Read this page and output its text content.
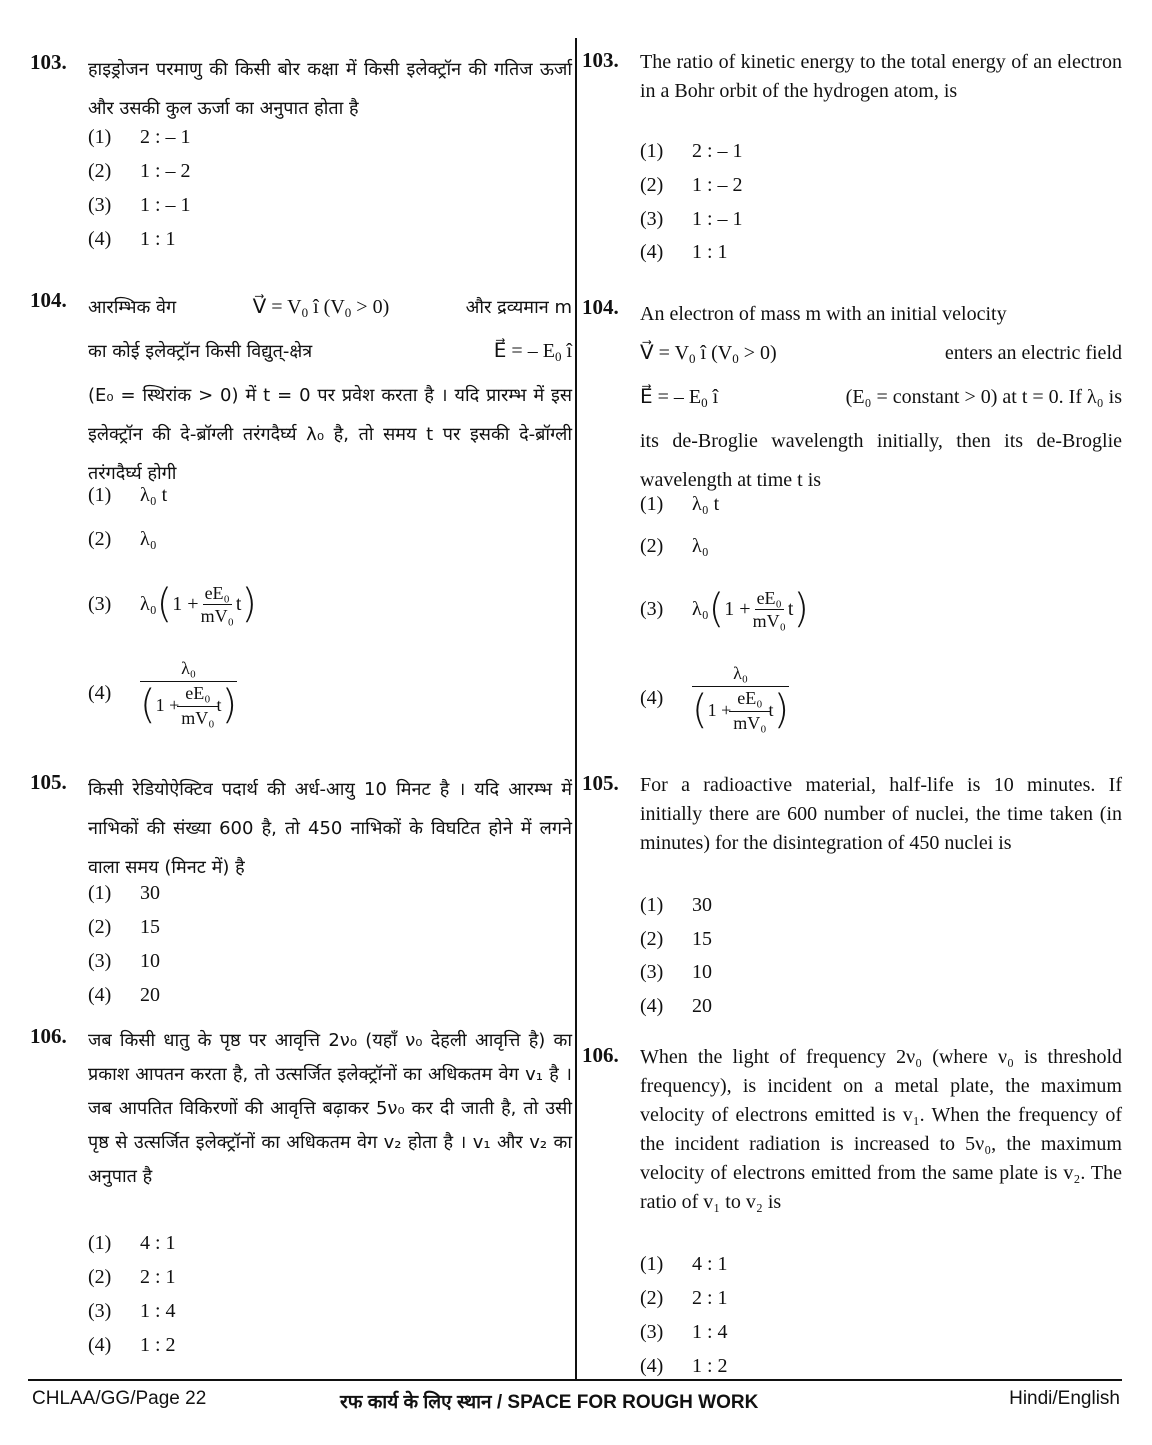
103. हाइड्रोजन परमाणु की किसी बोर कक्षा में किसी इलेक्ट्रॉन की गतिज ऊर्जा और उसकी कुल ऊर्जा का अनुपात होता है
(1) 2 : – 1
(2) 1 : – 2
(3) 1 : – 1
(4) 1 : 1
104. आरम्भिक वेग	V⃗ = $V_0$ î $(V_0 > 0)$	और द्रव्यमान m
का कोई इलेक्ट्रॉन किसी विद्युत्-क्षेत्र	E⃗ = – $E_0$ î
(E₀ = स्थिरांक > 0) में t = 0 पर प्रवेश करता है । यदि प्रारम्भ में इस इलेक्ट्रॉन की दे-ब्रॉग्ली तरंगदैर्घ्य λ₀ है, तो समय t पर इसकी दे-ब्रॉग्ली तरंगदैर्घ्य होगी
(1) λ₀ t
(2) λ₀
(3)	λ₀ ( $1 + \frac{\text{eE₀}}{\text{mV₀}}$ t )
(4)
λ₀
( $1 + \frac{\text{eE₀}}{\text{mV₀}}$ t )
105. किसी रेडियोऐक्टिव पदार्थ की अर्ध-आयु 10 मिनट है । यदि आरम्भ में नाभिकों की संख्या 600 है, तो 450 नाभिकों के विघटित होने में लगने वाला समय (मिनट में) है
(1) 30
(2) 15
(3) 10
(4) 20
106. जब किसी धातु के पृष्ठ पर आवृत्ति 2ν₀ (यहाँ ν₀ देहली आवृत्ति है) का प्रकाश आपतन करता है, तो उत्सर्जित इलेक्ट्रॉनों का अधिकतम वेग v₁ है । जब आपतित विकिरणों की आवृत्ति बढ़ाकर 5ν₀ कर दी जाती है, तो उसी पृष्ठ से उत्सर्जित इलेक्ट्रॉनों का अधिकतम वेग v₂ होता है । v₁ और v₂ का अनुपात है
(1) 4 : 1
(2) 2 : 1
(3) 1 : 4
(4) 1 : 2
103. The ratio of kinetic energy to the total energy of an electron in a Bohr orbit of the hydrogen atom, is
(1) 2 : – 1
(2) 1 : – 2
(3) 1 : – 1
(4) 1 : 1
104. An electron of mass m with an initial velocity
V⃗ = $V_0$ î $(V_0 > 0)$	enters an electric field
E⃗ = – $E_0$ î	(E₀ = constant > 0) at t = 0. If λ₀ is
its de-Broglie wavelength initially, then its de-Broglie wavelength at time t is
(1) λ₀ t
(2) λ₀
(3)	λ₀ ( $1 + \frac{\text{eE₀}}{\text{mV₀}}$ t )
(4)
λ₀
( $1 + \frac{\text{eE₀}}{\text{mV₀}}$ t )
105. For a radioactive material, half-life is 10 minutes. If initially there are 600 number of nuclei, the time taken (in minutes) for the disintegration of 450 nuclei is
(1) 30
(2) 15
(3) 10
(4) 20
106. When the light of frequency 2ν₀ (where ν₀ is threshold frequency), is incident on a metal plate, the maximum velocity of electrons emitted is v₁. When the frequency of the incident radiation is increased to 5ν₀, the maximum velocity of electrons emitted from the same plate is v₂. The ratio of v₁ to v₂ is
(1) 4 : 1
(2) 2 : 1
(3) 1 : 4
(4) 1 : 2
CHLAA/GG/Page 22	रफ कार्य के लिए स्थान / SPACE FOR ROUGH WORK	Hindi/English
